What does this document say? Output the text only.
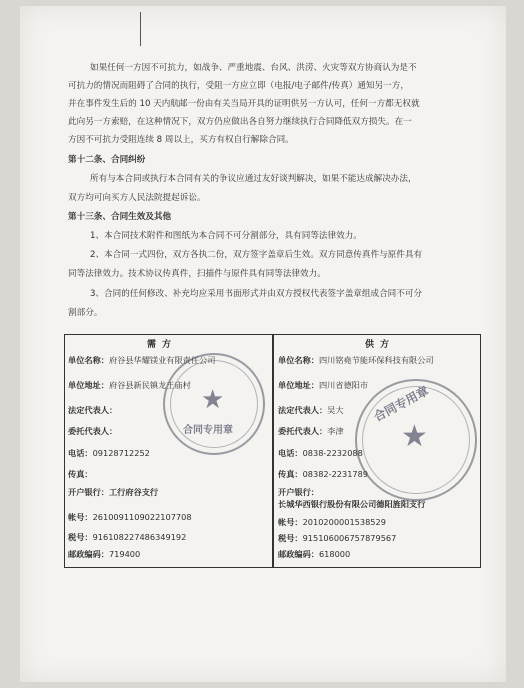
如果任何一方因不可抗力，如战争、严重地震、台风、洪涝、火灾等双方协商认为是不
可抗力的情况而阻碍了合同的执行，受阻一方应立即（电报/电子邮件/传真）通知另一方，
并在事件发生后的 10 天内航邮一份由有关当局开具的证明供另一方认可，任何一方都无权就
此向另一方索赔，在这种情况下，双方仍应做出各自努力继续执行合同降低双方损失。在一
方因不可抗力受阻连续 8 周以上，买方有权自行解除合同。
第十二条、合同纠纷
所有与本合同或执行本合同有关的争议应通过友好谈判解决，如果不能达成解决办法，
双方均可向买方人民法院提起诉讼。
第十三条、合同生效及其他
1、本合同技术附件和图纸为本合同不可分割部分，具有同等法律效力。
2、本合同一式四份，双方各执二份，双方签字盖章后生效。双方同意传真件与原件具有
同等法律效力。技术协议传真件，扫描件与原件具有同等法律效力。
3、合同的任何修改、补充均应采用书面形式并由双方授权代表签字盖章组成合同不可分
割部分。
需方
单位名称：府谷县华耀镁业有限责任公司
单位地址：府谷县新民镇龙王庙村
法定代表人：
委托代表人：
电话：09128712252
传真：
开户银行：工行府谷支行
帐号：2610091109022107708
税号：916108227486349192
邮政编码：719400
★
合同专用章
供方
单位名称：四川铭堯节能环保科技有限公司
单位地址：四川省德阳市
法定代表人：吴大
委托代表人：李津
电话：0838-2232088
传真：08382-2231789
开户银行：
长城华西银行股份有限公司德阳旌阳支行
帐号：2010200001538529
税号：915106006757879567
邮政编码：618000
★
合同专用章
